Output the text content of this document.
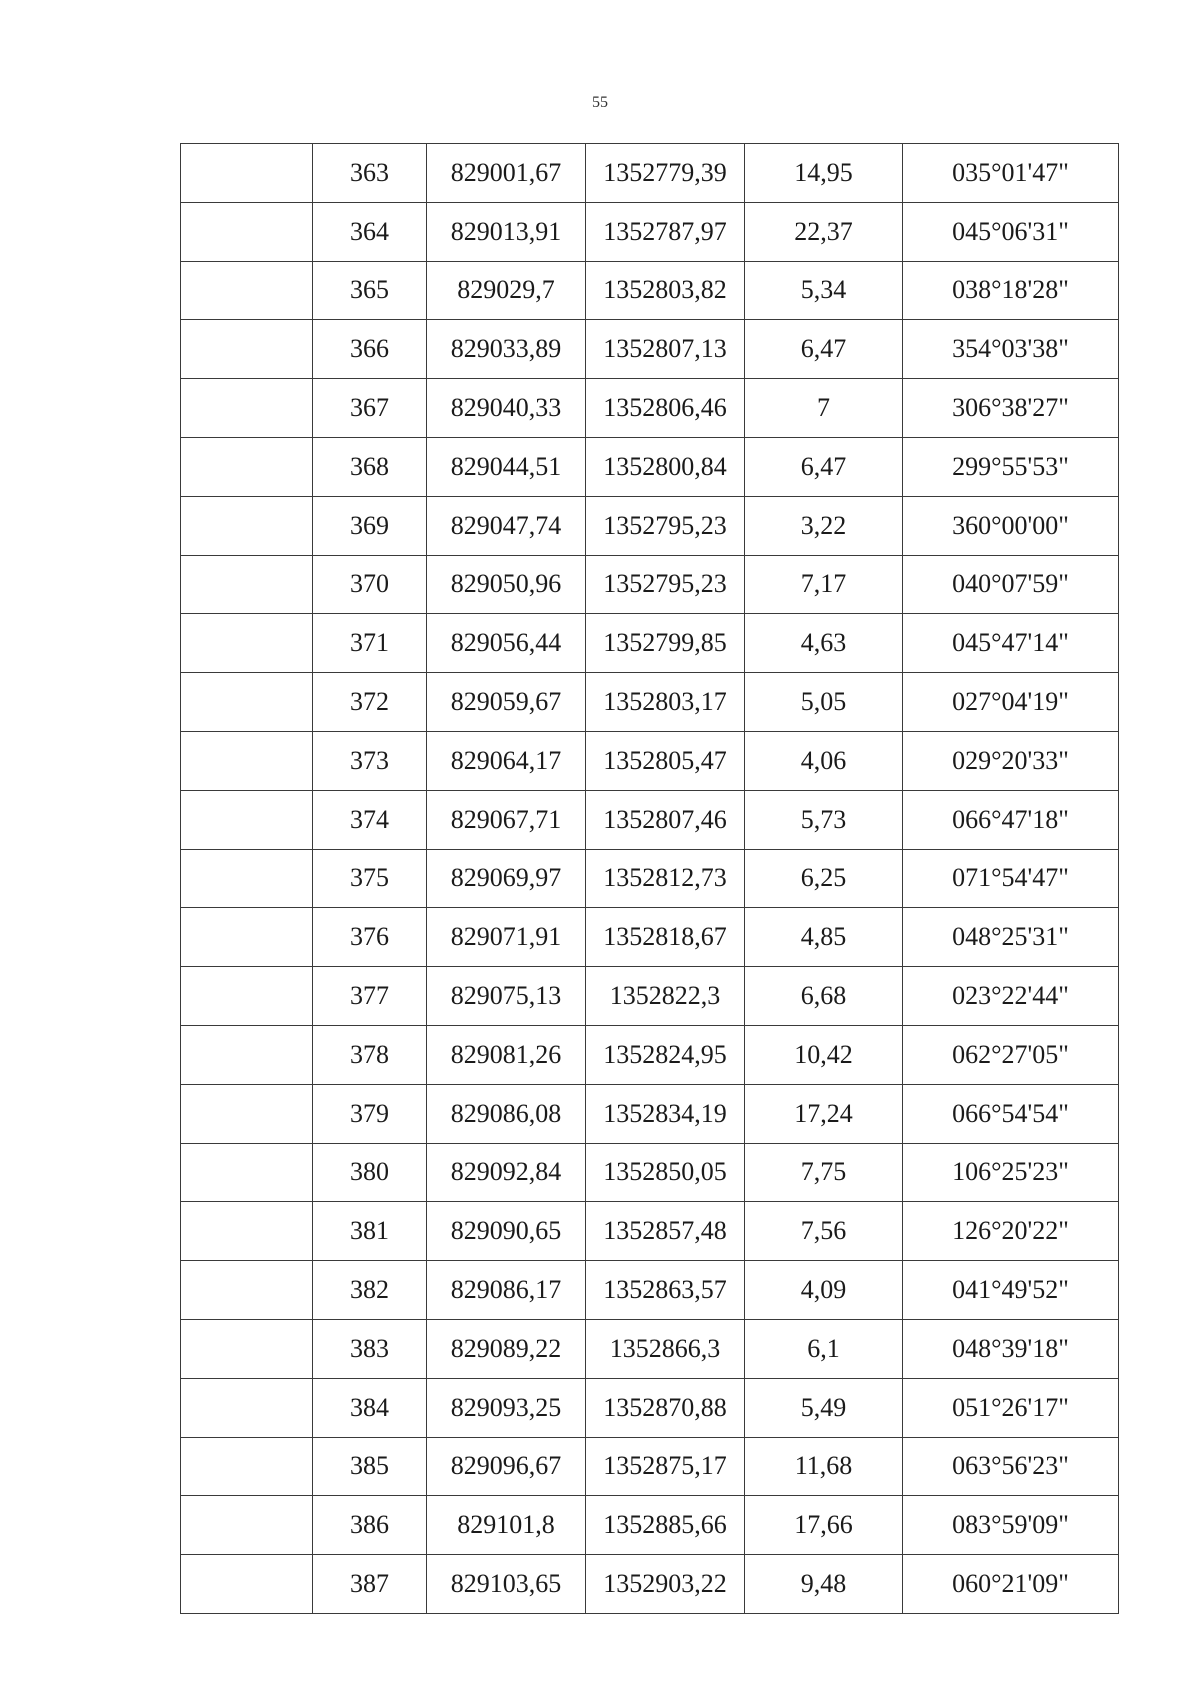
55
	363	829001,67	1352779,39	14,95	035°01'47"
	364	829013,91	1352787,97	22,37	045°06'31"
	365	829029,7	1352803,82	5,34	038°18'28"
	366	829033,89	1352807,13	6,47	354°03'38"
	367	829040,33	1352806,46	7	306°38'27"
	368	829044,51	1352800,84	6,47	299°55'53"
	369	829047,74	1352795,23	3,22	360°00'00"
	370	829050,96	1352795,23	7,17	040°07'59"
	371	829056,44	1352799,85	4,63	045°47'14"
	372	829059,67	1352803,17	5,05	027°04'19"
	373	829064,17	1352805,47	4,06	029°20'33"
	374	829067,71	1352807,46	5,73	066°47'18"
	375	829069,97	1352812,73	6,25	071°54'47"
	376	829071,91	1352818,67	4,85	048°25'31"
	377	829075,13	1352822,3	6,68	023°22'44"
	378	829081,26	1352824,95	10,42	062°27'05"
	379	829086,08	1352834,19	17,24	066°54'54"
	380	829092,84	1352850,05	7,75	106°25'23"
	381	829090,65	1352857,48	7,56	126°20'22"
	382	829086,17	1352863,57	4,09	041°49'52"
	383	829089,22	1352866,3	6,1	048°39'18"
	384	829093,25	1352870,88	5,49	051°26'17"
	385	829096,67	1352875,17	11,68	063°56'23"
	386	829101,8	1352885,66	17,66	083°59'09"
	387	829103,65	1352903,22	9,48	060°21'09"
